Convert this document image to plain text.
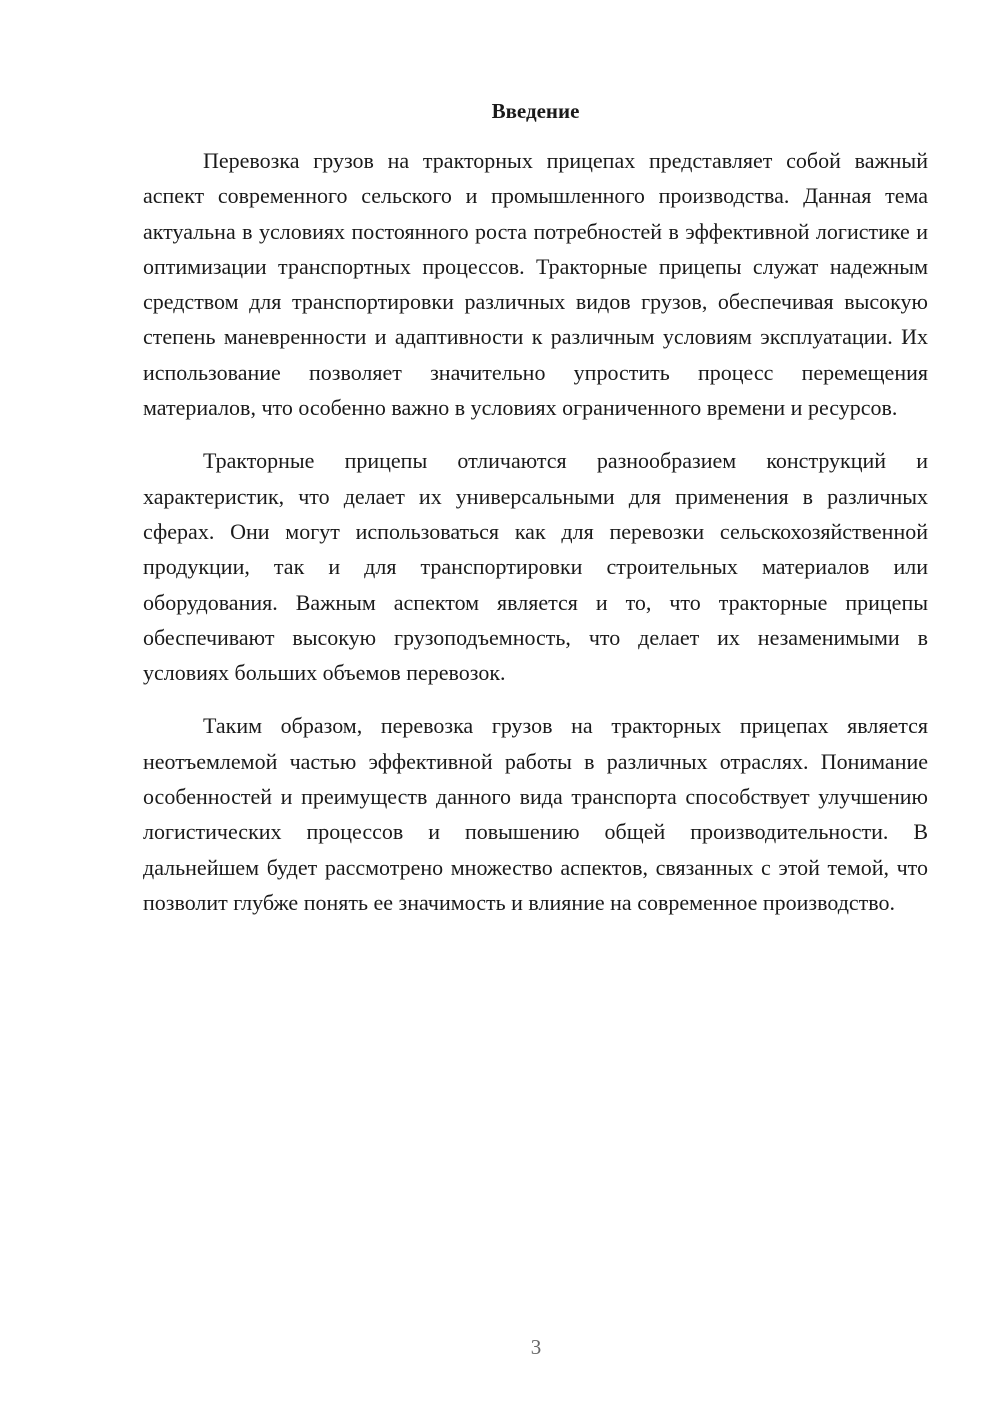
Введение

Перевозка грузов на тракторных прицепах представляет собой важный аспект современного сельского и промышленного производства. Данная тема актуальна в условиях постоянного роста потребностей в эффективной логистике и оптимизации транспортных процессов. Тракторные прицепы служат надежным средством для транспортировки различных видов грузов, обеспечивая высокую степень маневренности и адаптивности к различным условиям эксплуатации. Их использование позволяет значительно упростить процесс перемещения материалов, что особенно важно в условиях ограниченного времени и ресурсов.

Тракторные прицепы отличаются разнообразием конструкций и характеристик, что делает их универсальными для применения в различных сферах. Они могут использоваться как для перевозки сельскохозяйственной продукции, так и для транспортировки строительных материалов или оборудования. Важным аспектом является и то, что тракторные прицепы обеспечивают высокую грузоподъемность, что делает их незаменимыми в условиях больших объемов перевозок.

Таким образом, перевозка грузов на тракторных прицепах является неотъемлемой частью эффективной работы в различных отраслях. Понимание особенностей и преимуществ данного вида транспорта способствует улучшению логистических процессов и повышению общей производительности. В дальнейшем будет рассмотрено множество аспектов, связанных с этой темой, что позволит глубже понять ее значимость и влияние на современное производство.

3
